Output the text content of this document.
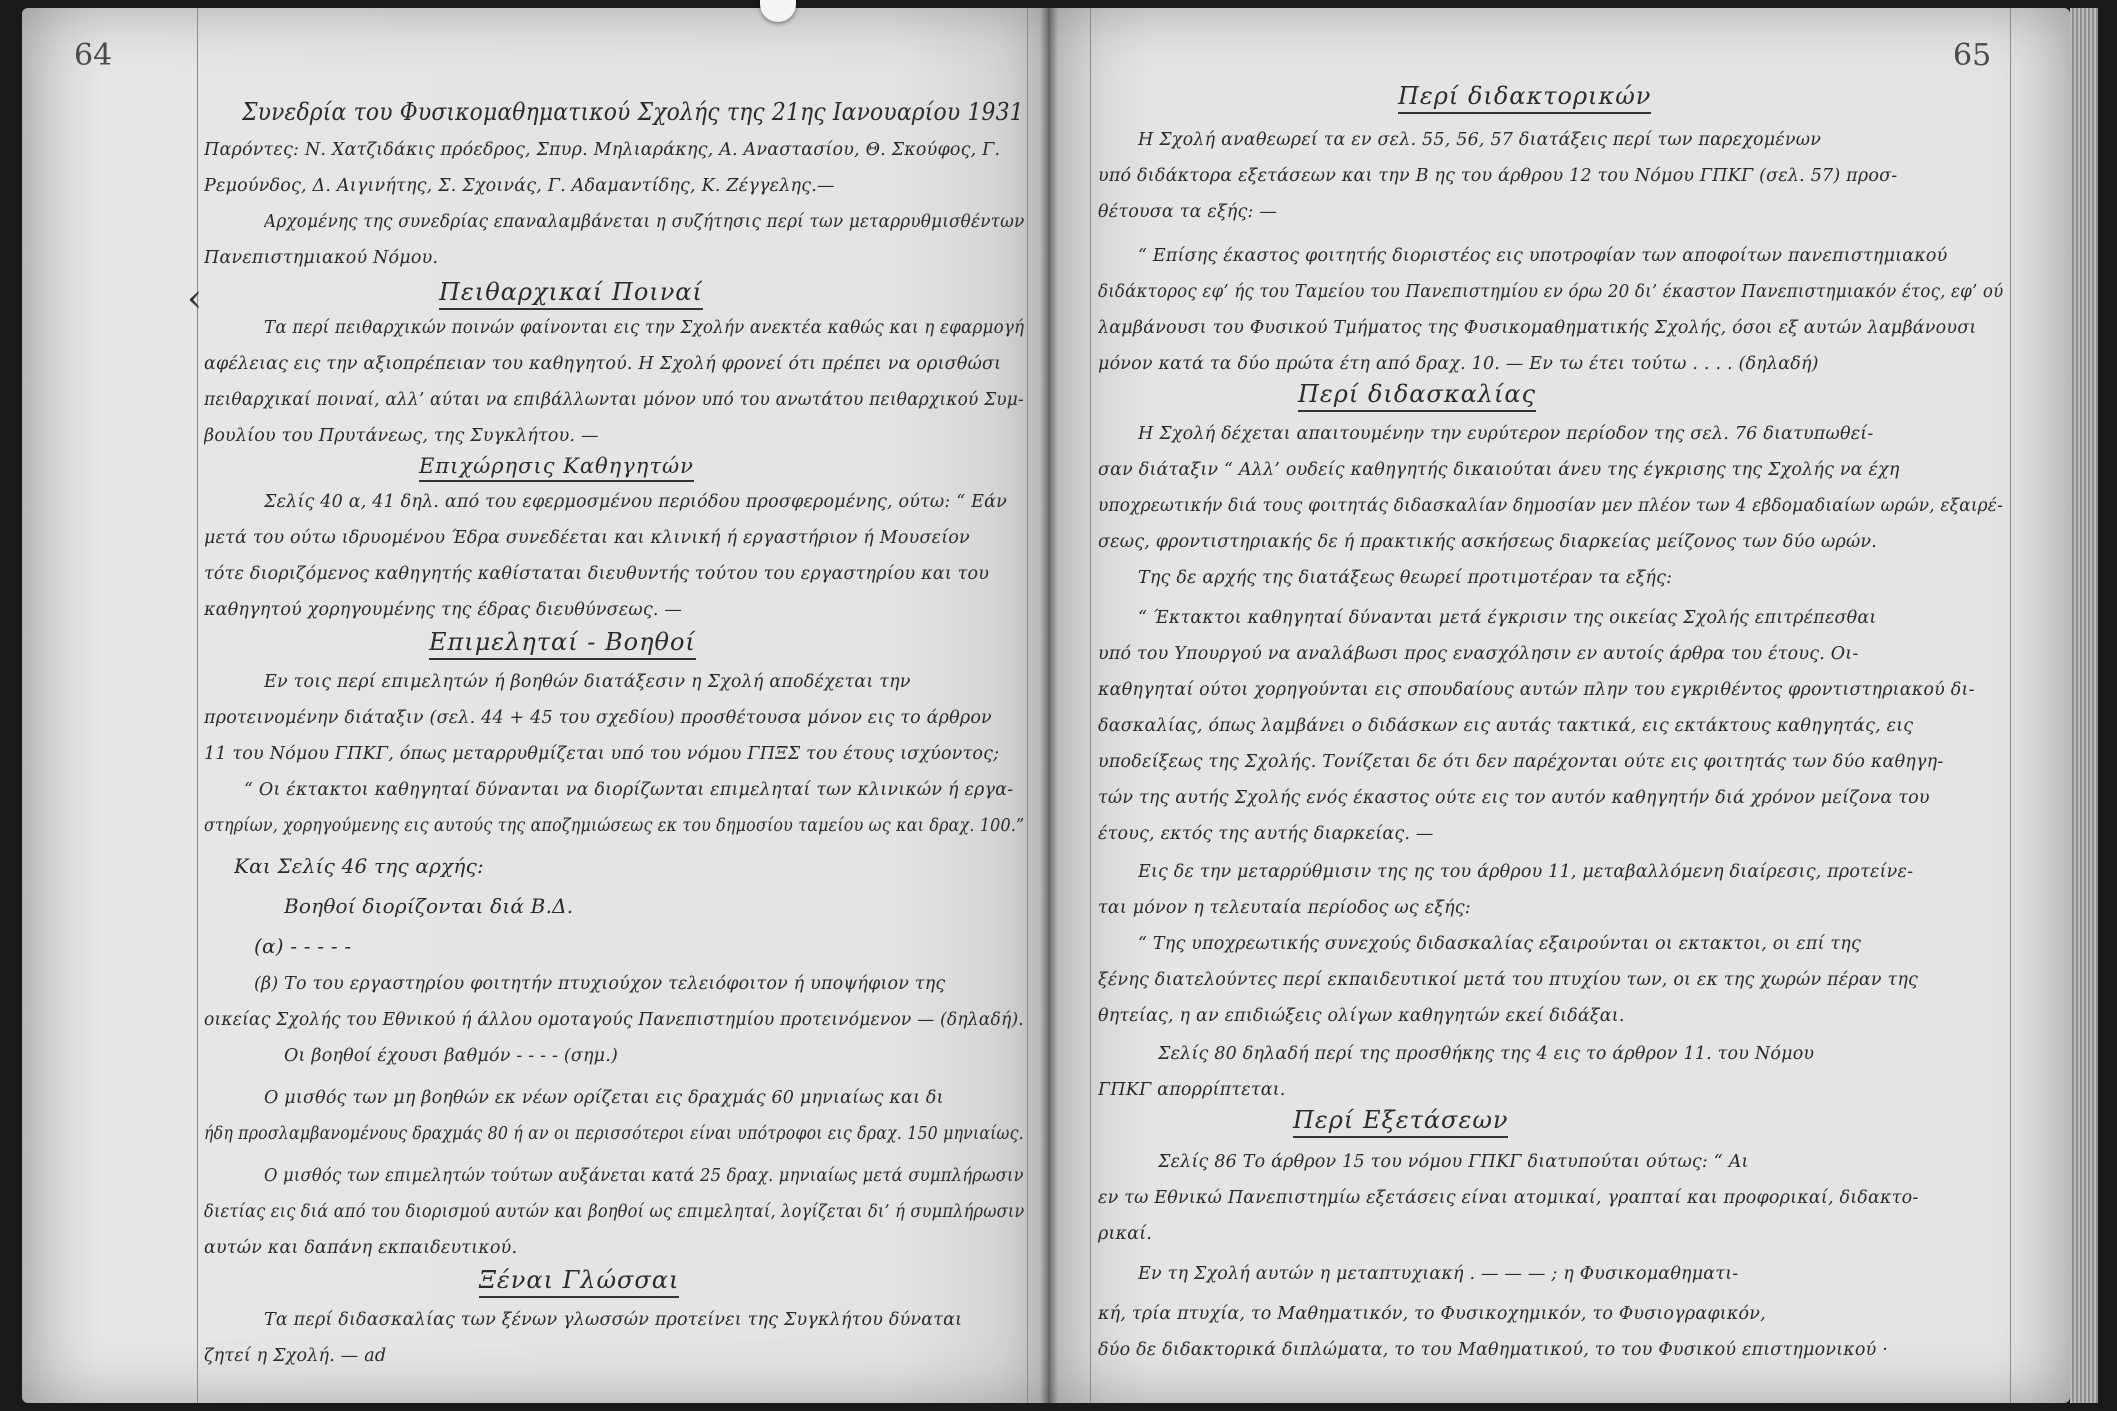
64
‹
Συνεδρία του Φυσικομαθηματικού Σχολής της 21ης Ιανουαρίου 1931
Παρόντες: Ν. Χατζιδάκις πρόεδρος, Σπυρ. Μηλιαράκης, Α. Αναστασίου, Θ. Σκούφος, Γ.
Ρεμούνδος, Δ. Αιγινήτης, Σ. Σχοινάς, Γ. Αδαμαντίδης, Κ. Ζέγγελης.—
Αρχομένης της συνεδρίας επαναλαμβάνεται η συζήτησις περί των μεταρρυθμισθέντων
Πανεπιστημιακού Νόμου.
Πειθαρχικαί Ποιναί
Τα περί πειθαρχικών ποινών φαίνονται εις την Σχολήν ανεκτέα καθώς και η εφαρμογή
αφέλειας εις την αξιοπρέπειαν του καθηγητού. Η Σχολή φρονεί ότι πρέπει να ορισθώσι
πειθαρχικαί ποιναί, αλλ’ αύται να επιβάλλωνται μόνον υπό του ανωτάτου πειθαρχικού Συμ-
βουλίου του Πρυτάνεως, της Συγκλήτου. —
Επιχώρησις Καθηγητών
Σελίς 40 α, 41 δηλ. από του εφερμοσμένου περιόδου προσφερομένης, ούτω: “ Εάν
μετά του ούτω ιδρυομένου Έδρα συνεδέεται και κλινική ή εργαστήριον ή Μουσείον
τότε διοριζόμενος καθηγητής καθίσταται διευθυντής τούτου του εργαστηρίου και του
καθηγητού χορηγουμένης της έδρας διευθύνσεως. —
Επιμεληταί - Βοηθοί
Εν τοις περί επιμελητών ή βοηθών διατάξεσιν η Σχολή αποδέχεται την
προτεινομένην διάταξιν (σελ. 44 + 45 του σχεδίου) προσθέτουσα μόνον εις το άρθρον
11 του Νόμου ΓΠΚΓ, όπως μεταρρυθμίζεται υπό του νόμου ΓΠΞΣ του έτους ισχύοντος;
“ Οι έκτακτοι καθηγηταί δύνανται να διορίζωνται επιμεληταί των κλινικών ή εργα-
στηρίων, χορηγούμενης εις αυτούς της αποζημιώσεως εκ του δημοσίου ταμείου ως και δραχ. 100.”
Και Σελίς 46 της αρχής:
Βοηθοί διορίζονται διά Β.Δ.
(α) - - - - -
(β) Το του εργαστηρίου φοιτητήν πτυχιούχον τελειόφοιτον ή υποψήφιον της
οικείας Σχολής του Εθνικού ή άλλου ομοταγούς Πανεπιστημίου προτεινόμενον — (δηλαδή).
Οι βοηθοί έχουσι βαθμόν - - - - (σημ.)
Ο μισθός των μη βοηθών εκ νέων ορίζεται εις δραχμάς 60 μηνιαίως και δι
ήδη προσλαμβανομένους δραχμάς 80 ή αν οι περισσότεροι είναι υπότροφοι εις δραχ. 150 μηνιαίως.
Ο μισθός των επιμελητών τούτων αυξάνεται κατά 25 δραχ. μηνιαίως μετά συμπλήρωσιν
διετίας εις διά από του διορισμού αυτών και βοηθοί ως επιμεληταί, λογίζεται δι’ ή συμπλήρωσιν
αυτών και δαπάνη εκπαιδευτικού.
Ξέναι Γλώσσαι
Τα περί διδασκαλίας των ξένων γλωσσών προτείνει της Συγκλήτου δύναται
ζητεί η Σχολή. — ad
65
Περί διδακτορικών
Η Σχολή αναθεωρεί τα εν σελ. 55, 56, 57 διατάξεις περί των παρεχομένων
υπό διδάκτορα εξετάσεων και την Β ης του άρθρου 12 του Νόμου ΓΠΚΓ (σελ. 57) προσ-
θέτουσα τα εξής: —
“ Επίσης έκαστος φοιτητής διοριστέος εις υποτροφίαν των αποφοίτων πανεπιστημιακού
διδάκτορος εφ’ ής του Ταμείου του Πανεπιστημίου εν όρω 20 δι’ έκαστον Πανεπιστημιακόν έτος, εφ’ ού
λαμβάνουσι του Φυσικού Τμήματος της Φυσικομαθηματικής Σχολής, όσοι εξ αυτών λαμβάνουσι
μόνον κατά τα δύο πρώτα έτη από δραχ. 10. — Εν τω έτει τούτω . . . . (δηλαδή)
Περί διδασκαλίας
Η Σχολή δέχεται απαιτουμένην την ευρύτερον περίοδον της σελ. 76 διατυπωθεί-
σαν διάταξιν “ Αλλ’ ουδείς καθηγητής δικαιούται άνευ της έγκρισης της Σχολής να έχη
υποχρεωτικήν διά τους φοιτητάς διδασκαλίαν δημοσίαν μεν πλέον των 4 εβδομαδιαίων ωρών, εξαιρέ-
σεως, φροντιστηριακής δε ή πρακτικής ασκήσεως διαρκείας μείζονος των δύο ωρών.
Της δε αρχής της διατάξεως θεωρεί προτιμοτέραν τα εξής:
“ Έκτακτοι καθηγηταί δύνανται μετά έγκρισιν της οικείας Σχολής επιτρέπεσθαι
υπό του Υπουργού να αναλάβωσι προς ενασχόλησιν εν αυτοίς άρθρα του έτους. Οι-
καθηγηταί ούτοι χορηγούνται εις σπουδαίους αυτών πλην του εγκριθέντος φροντιστηριακού δι-
δασκαλίας, όπως λαμβάνει ο διδάσκων εις αυτάς τακτικά, εις εκτάκτους καθηγητάς, εις
υποδείξεως της Σχολής. Τονίζεται δε ότι δεν παρέχονται ούτε εις φοιτητάς των δύο καθηγη-
τών της αυτής Σχολής ενός έκαστος ούτε εις τον αυτόν καθηγητήν διά χρόνον μείζονα του
έτους, εκτός της αυτής διαρκείας. —
Εις δε την μεταρρύθμισιν της ης του άρθρου 11, μεταβαλλόμενη διαίρεσις, προτείνε-
ται μόνον η τελευταία περίοδος ως εξής:
“ Της υποχρεωτικής συνεχούς διδασκαλίας εξαιρούνται οι εκτακτοι, οι επί της
ξένης διατελούντες περί εκπαιδευτικοί μετά του πτυχίου των, οι εκ της χωρών πέραν της
θητείας, η αν επιδιώξεις ολίγων καθηγητών εκεί διδάξαι.
Σελίς 80 δηλαδή περί της προσθήκης της 4 εις το άρθρον 11. του Νόμου
ΓΠΚΓ απορρίπτεται.
Περί Εξετάσεων
Σελίς 86 Το άρθρον 15 του νόμου ΓΠΚΓ διατυπούται ούτως: “ Αι
εν τω Εθνικώ Πανεπιστημίω εξετάσεις είναι ατομικαί, γραπταί και προφορικαί, διδακτο-
ρικαί.
Εν τη Σχολή αυτών η μεταπτυχιακή . — — — ; η Φυσικομαθηματι-
κή, τρία πτυχία, το Μαθηματικόν, το Φυσικοχημικόν, το Φυσιογραφικόν,
δύο δε διδακτορικά διπλώματα, το του Μαθηματικού, το του Φυσικού επιστημονικού ·
